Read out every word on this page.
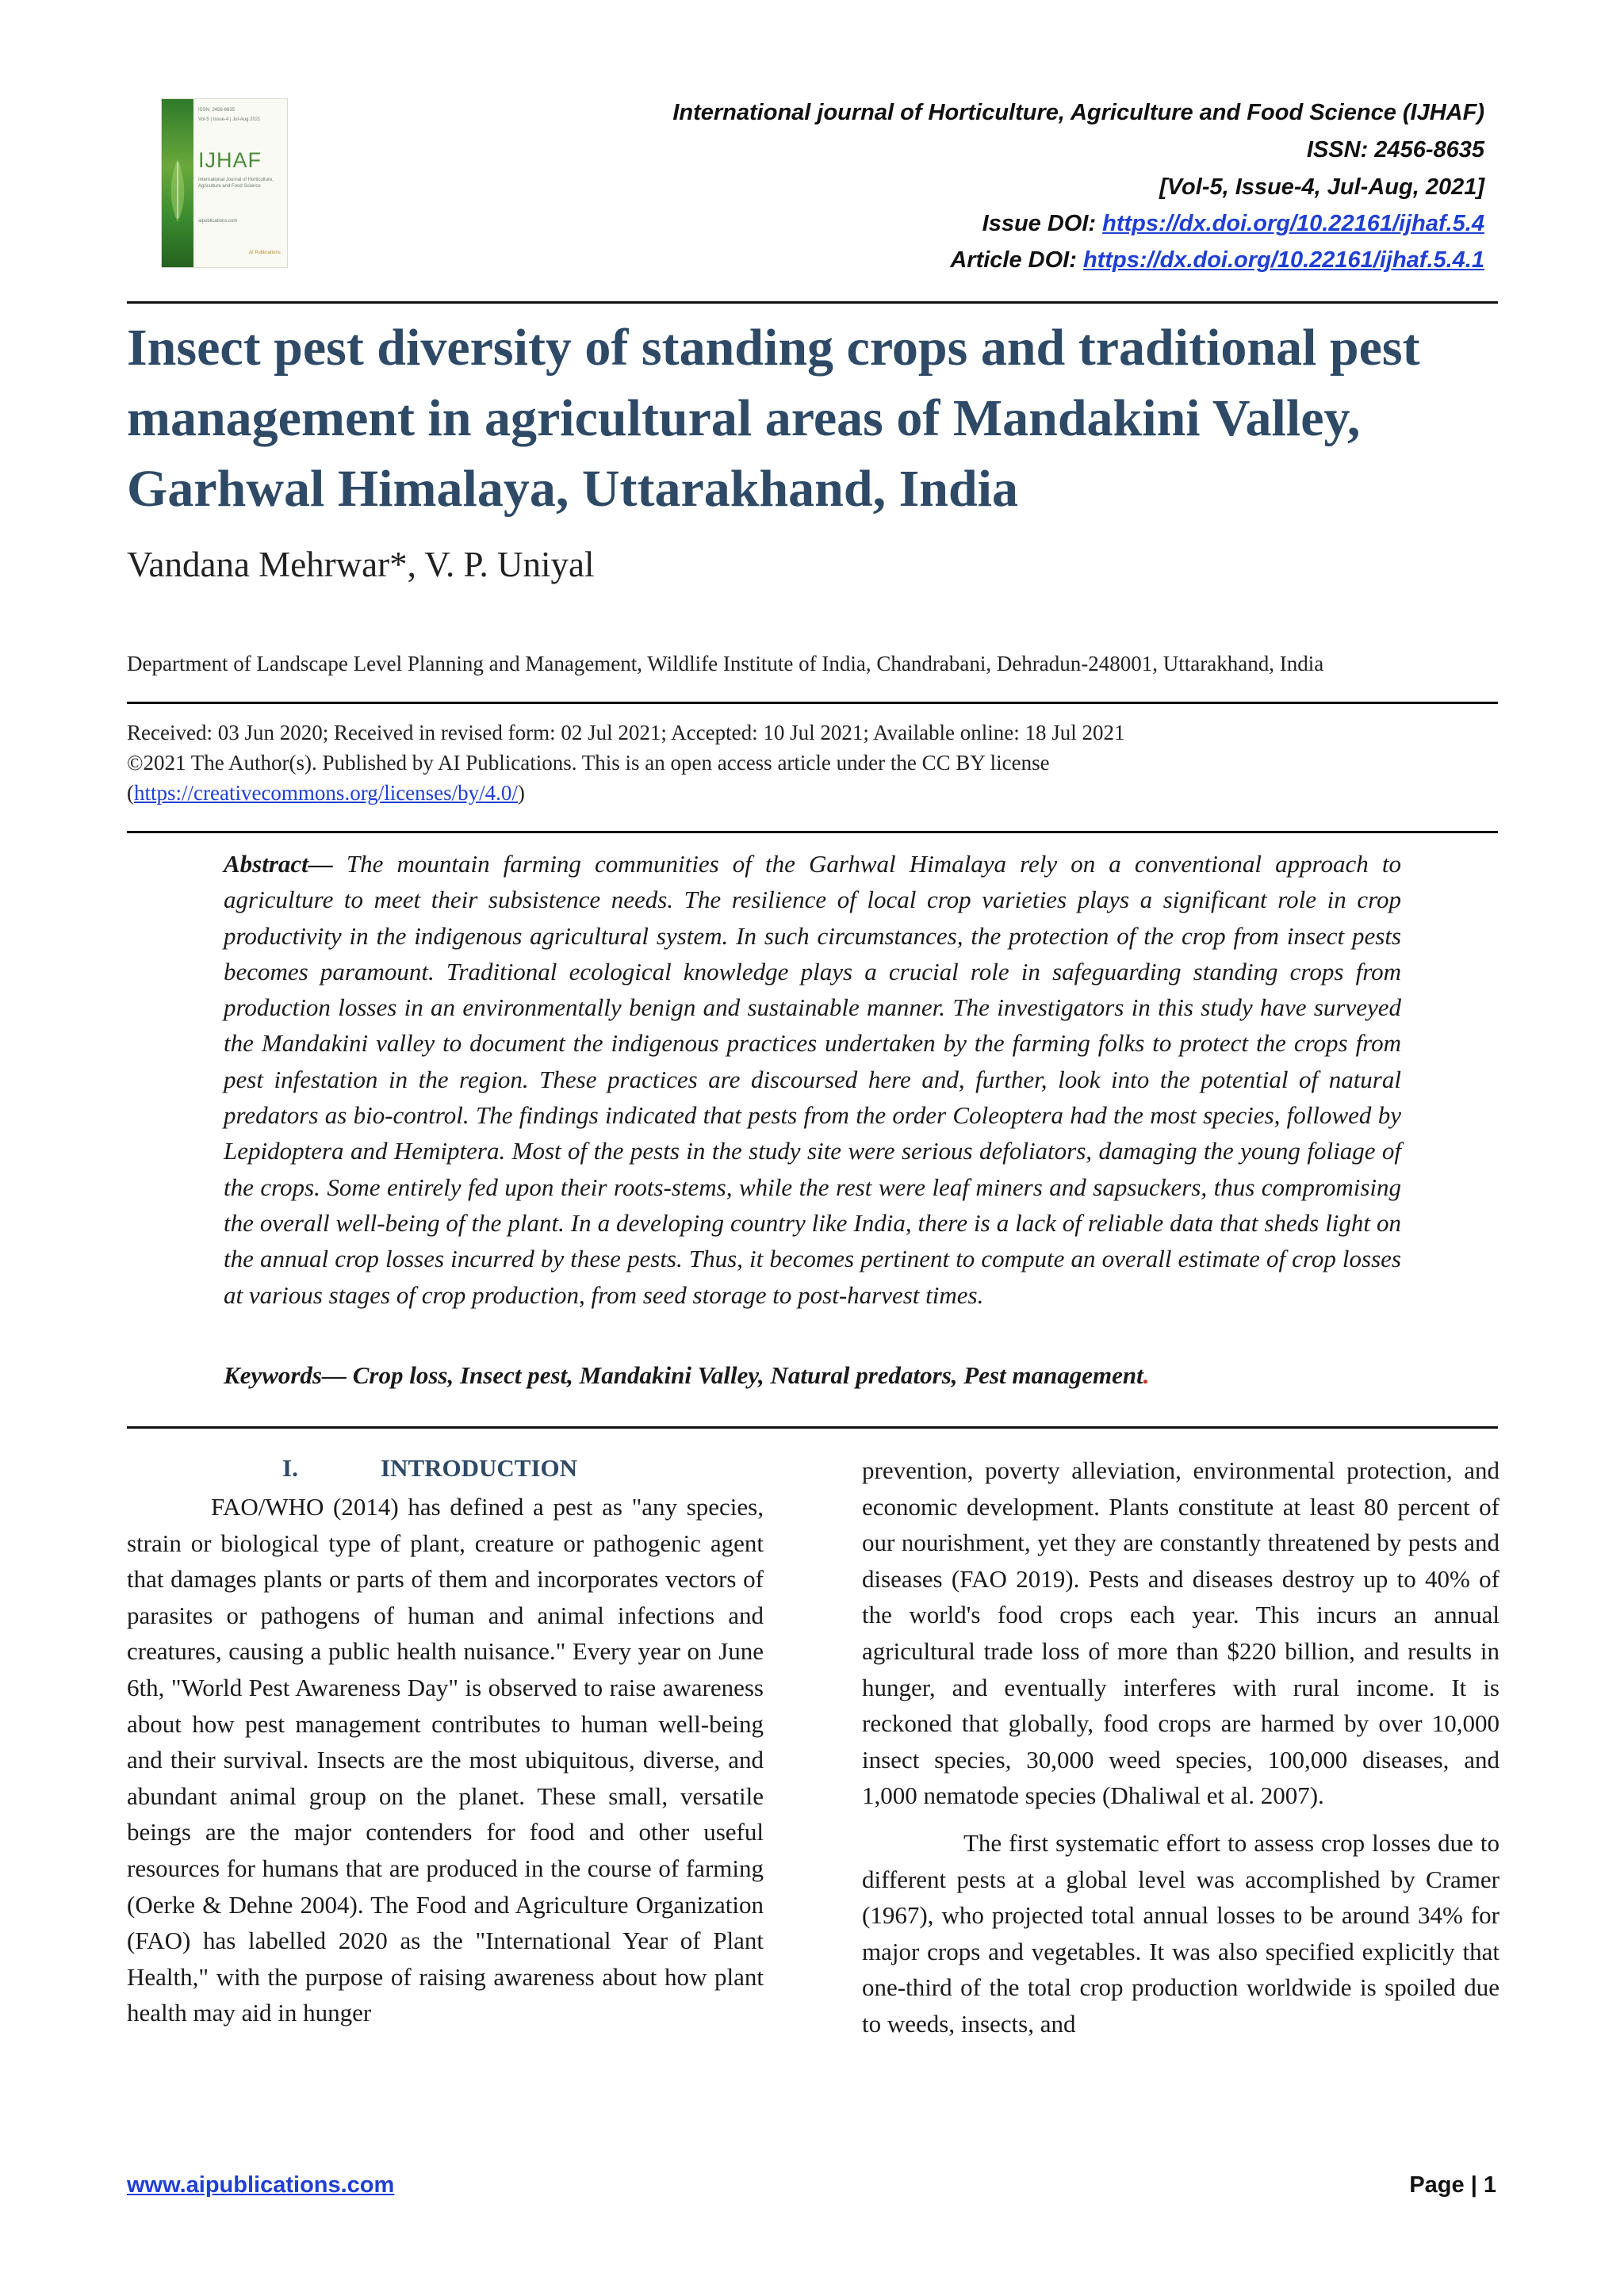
ISSN: 2456-8635
Vol-5 | Issue-4 | Jul-Aug 2021
IJHAF
International Journal of Horticulture, Agriculture and Food Science
aipublications.com
AI Publications
International journal of Horticulture, Agriculture and Food Science (IJHAF)
ISSN: 2456-8635
[Vol-5, Issue-4, Jul-Aug, 2021]
Issue DOI: https://dx.doi.org/10.22161/ijhaf.5.4
Article DOI: https://dx.doi.org/10.22161/ijhaf.5.4.1
Insect pest diversity of standing crops and traditional pest management in agricultural areas of Mandakini Valley, Garhwal Himalaya, Uttarakhand, India
Vandana Mehrwar*, V. P. Uniyal
Department of Landscape Level Planning and Management, Wildlife Institute of India, Chandrabani, Dehradun-248001, Uttarakhand, India
Received: 03 Jun 2020; Received in revised form: 02 Jul 2021; Accepted: 10 Jul 2021; Available online: 18 Jul 2021
©2021 The Author(s). Published by AI Publications. This is an open access article under the CC BY license
(https://creativecommons.org/licenses/by/4.0/)
Abstract— The mountain farming communities of the Garhwal Himalaya rely on a conventional approach to agriculture to meet their subsistence needs. The resilience of local crop varieties plays a significant role in crop productivity in the indigenous agricultural system. In such circumstances, the protection of the crop from insect pests becomes paramount. Traditional ecological knowledge plays a crucial role in safeguarding standing crops from production losses in an environmentally benign and sustainable manner. The investigators in this study have surveyed the Mandakini valley to document the indigenous practices undertaken by the farming folks to protect the crops from pest infestation in the region. These practices are discoursed here and, further, look into the potential of natural predators as bio-control. The findings indicated that pests from the order Coleoptera had the most species, followed by Lepidoptera and Hemiptera. Most of the pests in the study site were serious defoliators, damaging the young foliage of the crops. Some entirely fed upon their roots-stems, while the rest were leaf miners and sapsuckers, thus compromising the overall well-being of the plant. In a developing country like India, there is a lack of reliable data that sheds light on the annual crop losses incurred by these pests. Thus, it becomes pertinent to compute an overall estimate of crop losses at various stages of crop production, from seed storage to post-harvest times.
Keywords— Crop loss, Insect pest, Mandakini Valley, Natural predators, Pest management.
I.	INTRODUCTION

FAO/WHO (2014) has defined a pest as "any species, strain or biological type of plant, creature or pathogenic agent that damages plants or parts of them and incorporates vectors of parasites or pathogens of human and animal infections and creatures, causing a public health nuisance." Every year on June 6th, "World Pest Awareness Day" is observed to raise awareness about how pest management contributes to human well-being and their survival. Insects are the most ubiquitous, diverse, and abundant animal group on the planet. These small, versatile beings are the major contenders for food and other useful resources for humans that are produced in the course of farming (Oerke & Dehne 2004). The Food and Agriculture Organization (FAO) has labelled 2020 as the "International Year of Plant Health," with the purpose of raising awareness about how plant health may aid in hunger

prevention, poverty alleviation, environmental protection, and economic development. Plants constitute at least 80 percent of our nourishment, yet they are constantly threatened by pests and diseases (FAO 2019). Pests and diseases destroy up to 40% of the world's food crops each year. This incurs an annual agricultural trade loss of more than $220 billion, and results in hunger, and eventually interferes with rural income. It is reckoned that globally, food crops are harmed by over 10,000 insect species, 30,000 weed species, 100,000 diseases, and 1,000 nematode species (Dhaliwal et al. 2007).

The first systematic effort to assess crop losses due to different pests at a global level was accomplished by Cramer (1967), who projected total annual losses to be around 34% for major crops and vegetables. It was also specified explicitly that one-third of the total crop production worldwide is spoiled due to weeds, insects, and

www.aipublications.com	Page | 1
